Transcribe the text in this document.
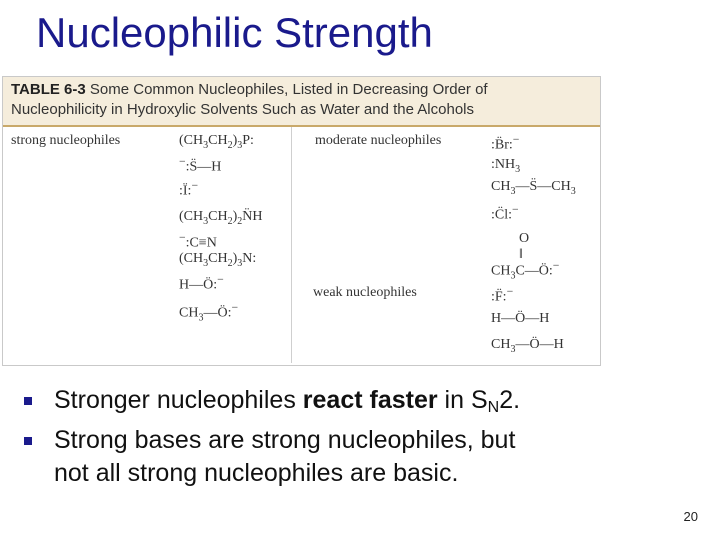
Nucleophilic Strength
TABLE 6-3 Some Common Nucleophiles, Listed in Decreasing Order of
Nucleophilicity in Hydroxylic Solvents Such as Water and the Alcohols
strong nucleophiles	moderate nucleophiles
weak nucleophiles
$(CH_3CH_2)_3P$:
−:S̈—H
:Ï:−
$(CH_3CH_2)_2N̈H$
−:C≡N
$(CH_3CH_2)_3N$:
H—Ö:−
$CH_3—Ö:^-$
:B̈r:−
$:NH_3$
$CH_3—S̈—CH_3$
:C̈l:−
O
‖
$CH_3C—Ö:^-$
:F̈:−
H—Ö—H
$CH_3—Ö—H$
Stronger nucleophiles react faster in SN2.
Strong bases are strong nucleophiles, but
not all strong nucleophiles are basic.
20
